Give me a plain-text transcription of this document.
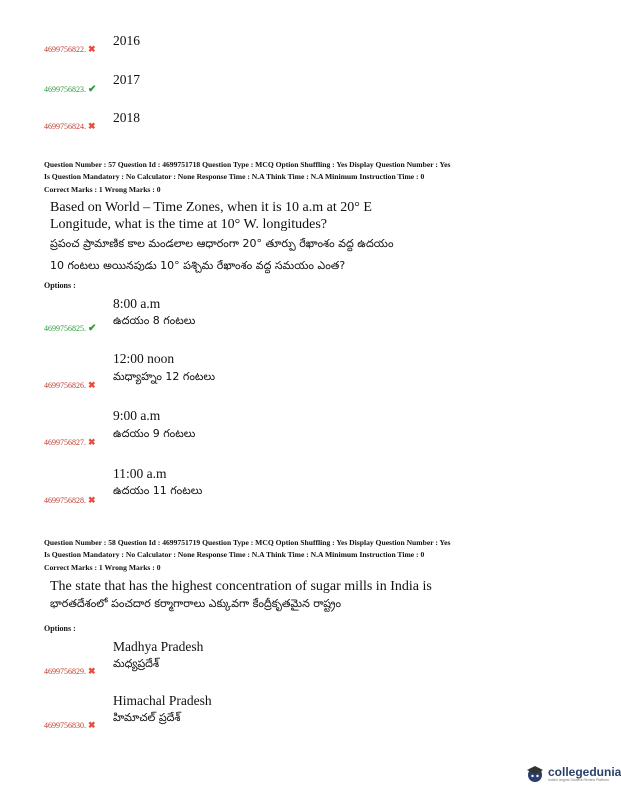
4699756822. ✖
2016
4699756823. ✔
2017
4699756824. ✖
2018
Question Number : 57 Question Id : 4699751718 Question Type : MCQ Option Shuffling : Yes Display Question Number : Yes
Is Question Mandatory : No Calculator : None Response Time : N.A Think Time : N.A Minimum Instruction Time : 0
Correct Marks : 1 Wrong Marks : 0
Based on World – Time Zones, when it is 10 a.m at 20° E
Longitude, what is the time at 10° W. longitudes?
ప్రపంచ ప్రామాణిక కాల మండలాల ఆధారంగా 20° తూర్పు రేఖాంశం వద్ద ఉదయం
10 గంటలు అయినపుడు 10° పశ్చిమ రేఖాంశం వద్ద సమయం ఎంత?
Options :
8:00 a.m
ఉదయం 8 గంటలు
4699756825. ✔
12:00 noon
మధ్యాహ్నం 12 గంటలు
4699756826. ✖
9:00 a.m
ఉదయం 9 గంటలు
4699756827. ✖
11:00 a.m
ఉదయం 11 గంటలు
4699756828. ✖
Question Number : 58 Question Id : 4699751719 Question Type : MCQ Option Shuffling : Yes Display Question Number : Yes
Is Question Mandatory : No Calculator : None Response Time : N.A Think Time : N.A Minimum Instruction Time : 0
Correct Marks : 1 Wrong Marks : 0
The state that has the highest concentration of sugar mills in India is
భారతదేశంలో పంచదార కర్మాగారాలు ఎక్కువగా కేంద్రీకృతమైన రాష్ట్రం
Options :
Madhya Pradesh
మధ్యప్రదేశ్
4699756829. ✖
Himachal Pradesh
హిమాచల్ ప్రదేశ్
4699756830. ✖
collegedunia
India's largest Student Review Platform
